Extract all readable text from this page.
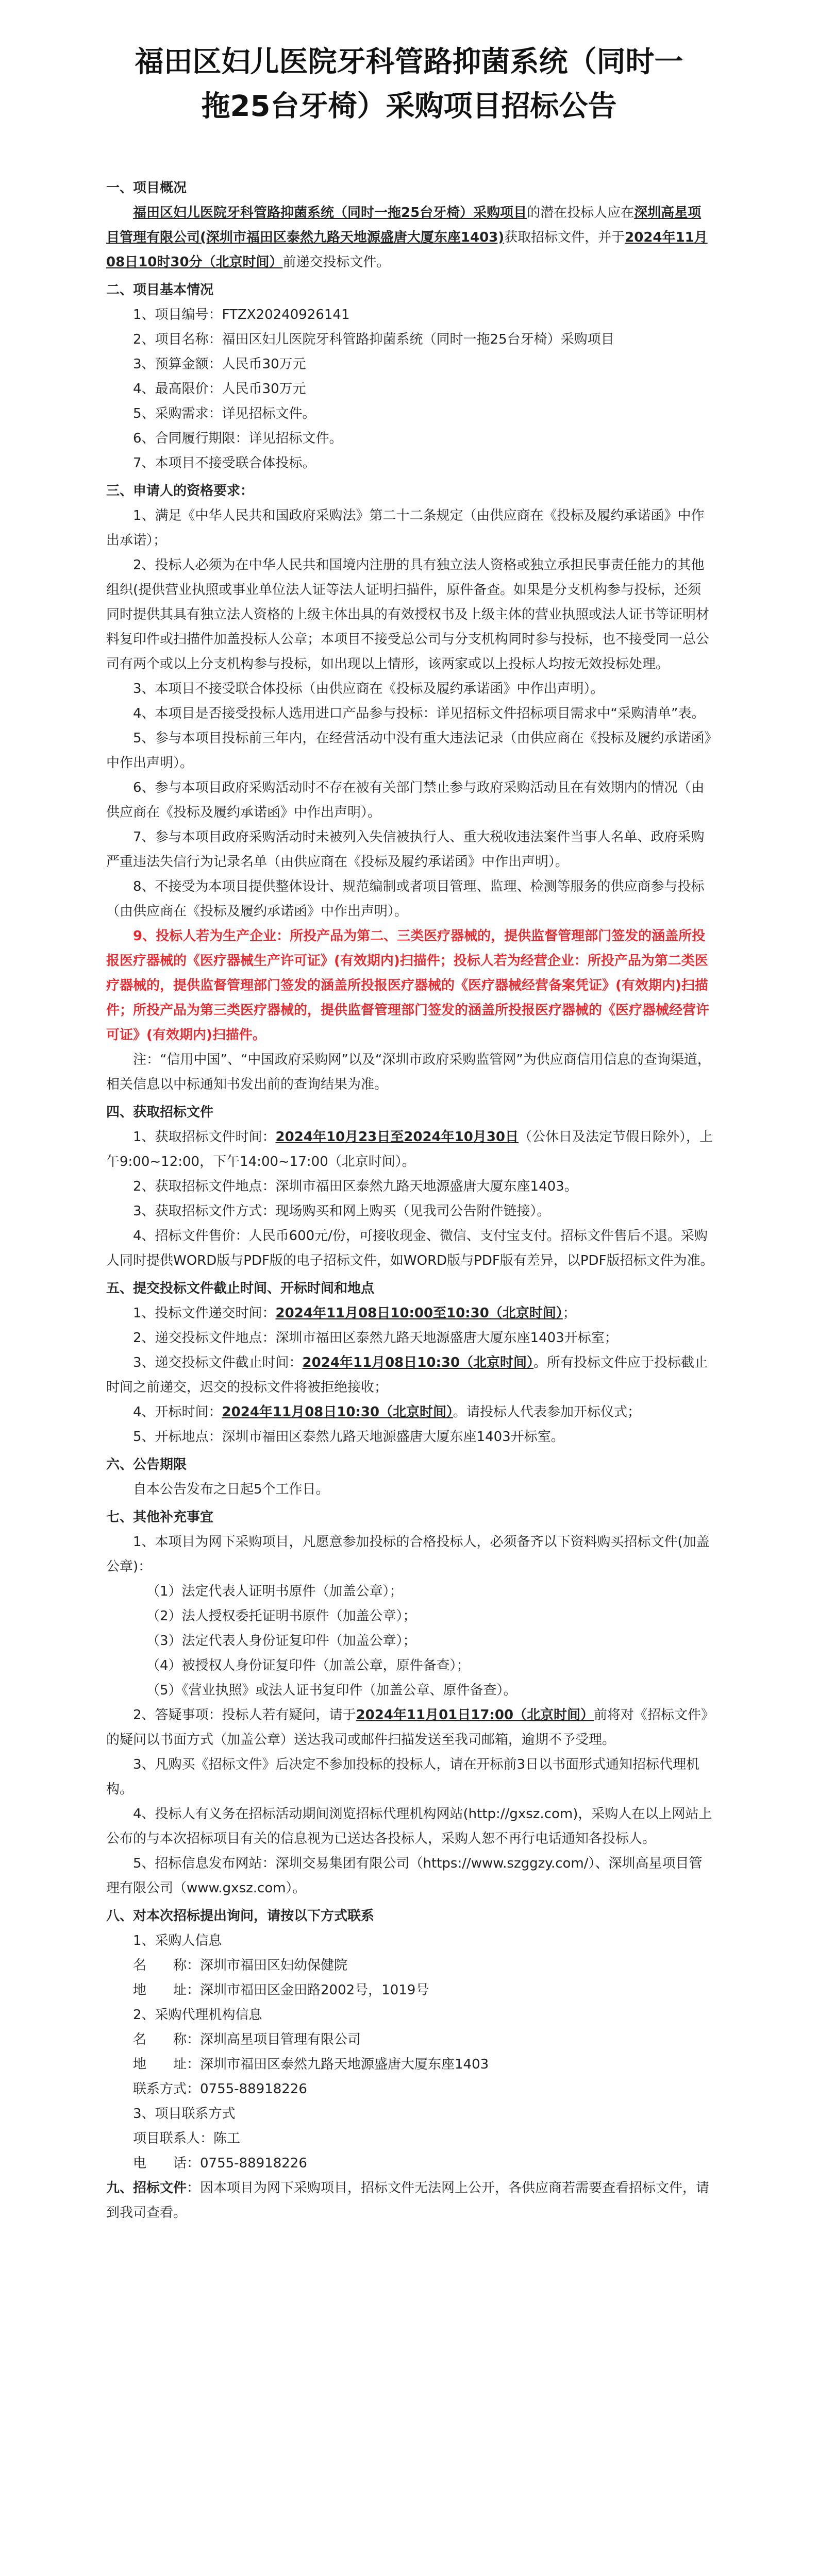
福田区妇儿医院牙科管路抑菌系统（同时一
拖25台牙椅）采购项目招标公告

一、项目概况

福田区妇儿医院牙科管路抑菌系统（同时一拖25台牙椅）采购项目的潜在投标人应在深圳高星项目管理有限公司(深圳市福田区泰然九路天地源盛唐大厦东座1403)获取招标文件，并于2024年11月08日10时30分（北京时间）前递交投标文件。

二、项目基本情况

1、项目编号：FTZX20240926141

2、项目名称：福田区妇儿医院牙科管路抑菌系统（同时一拖25台牙椅）采购项目

3、预算金额：人民币30万元

4、最高限价：人民币30万元

5、采购需求：详见招标文件。

6、合同履行期限：详见招标文件。

7、本项目不接受联合体投标。

三、申请人的资格要求：

1、满足《中华人民共和国政府采购法》第二十二条规定（由供应商在《投标及履约承诺函》中作出承诺）；

2、投标人必须为在中华人民共和国境内注册的具有独立法人资格或独立承担民事责任能力的其他组织(提供营业执照或事业单位法人证等法人证明扫描件，原件备查。如果是分支机构参与投标，还须同时提供其具有独立法人资格的上级主体出具的有效授权书及上级主体的营业执照或法人证书等证明材料复印件或扫描件加盖投标人公章；本项目不接受总公司与分支机构同时参与投标，也不接受同一总公司有两个或以上分支机构参与投标，如出现以上情形，该两家或以上投标人均按无效投标处理。

3、本项目不接受联合体投标（由供应商在《投标及履约承诺函》中作出声明）。

4、本项目是否接受投标人选用进口产品参与投标：详见招标文件招标项目需求中“采购清单”表。

5、参与本项目投标前三年内，在经营活动中没有重大违法记录（由供应商在《投标及履约承诺函》中作出声明）。

6、参与本项目政府采购活动时不存在被有关部门禁止参与政府采购活动且在有效期内的情况（由供应商在《投标及履约承诺函》中作出声明）。

7、参与本项目政府采购活动时未被列入失信被执行人、重大税收违法案件当事人名单、政府采购严重违法失信行为记录名单（由供应商在《投标及履约承诺函》中作出声明）。

8、不接受为本项目提供整体设计、规范编制或者项目管理、监理、检测等服务的供应商参与投标（由供应商在《投标及履约承诺函》中作出声明）。

9、投标人若为生产企业：所投产品为第二、三类医疗器械的，提供监督管理部门签发的涵盖所投报医疗器械的《医疗器械生产许可证》(有效期内)扫描件；投标人若为经营企业：所投产品为第二类医疗器械的，提供监督管理部门签发的涵盖所投报医疗器械的《医疗器械经营备案凭证》(有效期内)扫描件；所投产品为第三类医疗器械的，提供监督管理部门签发的涵盖所投报医疗器械的《医疗器械经营许可证》(有效期内)扫描件。

注：“信用中国”、“中国政府采购网”以及“深圳市政府采购监管网”为供应商信用信息的查询渠道，相关信息以中标通知书发出前的查询结果为准。

四、获取招标文件

1、获取招标文件时间：2024年10月23日至2024年10月30日（公休日及法定节假日除外），上午9:00~12:00，下午14:00~17:00（北京时间）。

2、获取招标文件地点：深圳市福田区泰然九路天地源盛唐大厦东座1403。

3、获取招标文件方式：现场购买和网上购买（见我司公告附件链接）。

4、招标文件售价：人民币600元/份，可接收现金、微信、支付宝支付。招标文件售后不退。采购人同时提供WORD版与PDF版的电子招标文件，如WORD版与PDF版有差异，以PDF版招标文件为准。

五、提交投标文件截止时间、开标时间和地点

1、投标文件递交时间：2024年11月08日10:00至10:30（北京时间）；

2、递交投标文件地点：深圳市福田区泰然九路天地源盛唐大厦东座1403开标室；

3、递交投标文件截止时间：2024年11月08日10:30（北京时间）。所有投标文件应于投标截止时间之前递交，迟交的投标文件将被拒绝接收；

4、开标时间：2024年11月08日10:30（北京时间）。请投标人代表参加开标仪式；

5、开标地点：深圳市福田区泰然九路天地源盛唐大厦东座1403开标室。

六、公告期限

自本公告发布之日起5个工作日。

七、其他补充事宜

1、本项目为网下采购项目，凡愿意参加投标的合格投标人，必须备齐以下资料购买招标文件(加盖公章)：

（1）法定代表人证明书原件（加盖公章）；

（2）法人授权委托证明书原件（加盖公章）；

（3）法定代表人身份证复印件（加盖公章）；

（4）被授权人身份证复印件（加盖公章，原件备查）；

（5）《营业执照》或法人证书复印件（加盖公章、原件备查）。

2、答疑事项：投标人若有疑问，请于2024年11月01日17:00（北京时间）前将对《招标文件》的疑问以书面方式（加盖公章）送达我司或邮件扫描发送至我司邮箱，逾期不予受理。

3、凡购买《招标文件》后决定不参加投标的投标人，请在开标前3日以书面形式通知招标代理机构。

4、投标人有义务在招标活动期间浏览招标代理机构网站(http://gxsz.com)，采购人在以上网站上公布的与本次招标项目有关的信息视为已送达各投标人，采购人恕不再行电话通知各投标人。

5、招标信息发布网站：深圳交易集团有限公司（https://www.szggzy.com/）、深圳高星项目管理有限公司（www.gxsz.com）。

八、对本次招标提出询问，请按以下方式联系

1、采购人信息

名　　称：深圳市福田区妇幼保健院

地　　址：深圳市福田区金田路2002号，1019号

2、采购代理机构信息

名　　称：深圳高星项目管理有限公司

地　　址：深圳市福田区泰然九路天地源盛唐大厦东座1403

联系方式：0755-88918226

3、项目联系方式

项目联系人：陈工

电　　话：0755-88918226

九、招标文件：因本项目为网下采购项目，招标文件无法网上公开，各供应商若需要查看招标文件，请到我司查看。
